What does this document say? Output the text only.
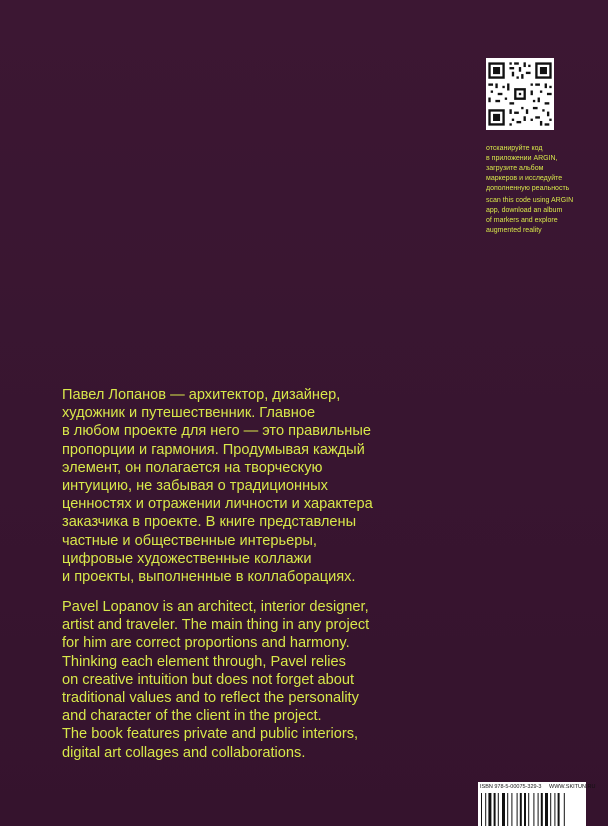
отсканируйте код
в приложении ARGIN,
загрузите альбом
маркеров и исследуйте
дополненную реальность
scan this code using ARGIN
app, download an album
of markers and explore
augmented reality

Павел Лопанов — архитектор, дизайнер,
художник и путешественник. Главное
в любом проекте для него — это правильные
пропорции и гармония. Продумывая каждый
элемент, он полагается на творческую
интуицию, не забывая о традиционных
ценностях и отражении личности и характера
заказчика в проекте. В книге представлены
частные и общественные интерьеры,
цифровые художественные коллажи
и проекты, выполненные в коллаборациях.

Pavel Lopanov is an architect, interior designer,
artist and traveler. The main thing in any project
for him are correct proportions and harmony.
Thinking each element through, Pavel relies
on creative intuition but does not forget about
traditional values and to reflect the personality
and character of the client in the project.
The book features private and public interiors,
digital art collages and collaborations.

ISBN 978-5-00075-329-3 WWW.SKITUN.RU
